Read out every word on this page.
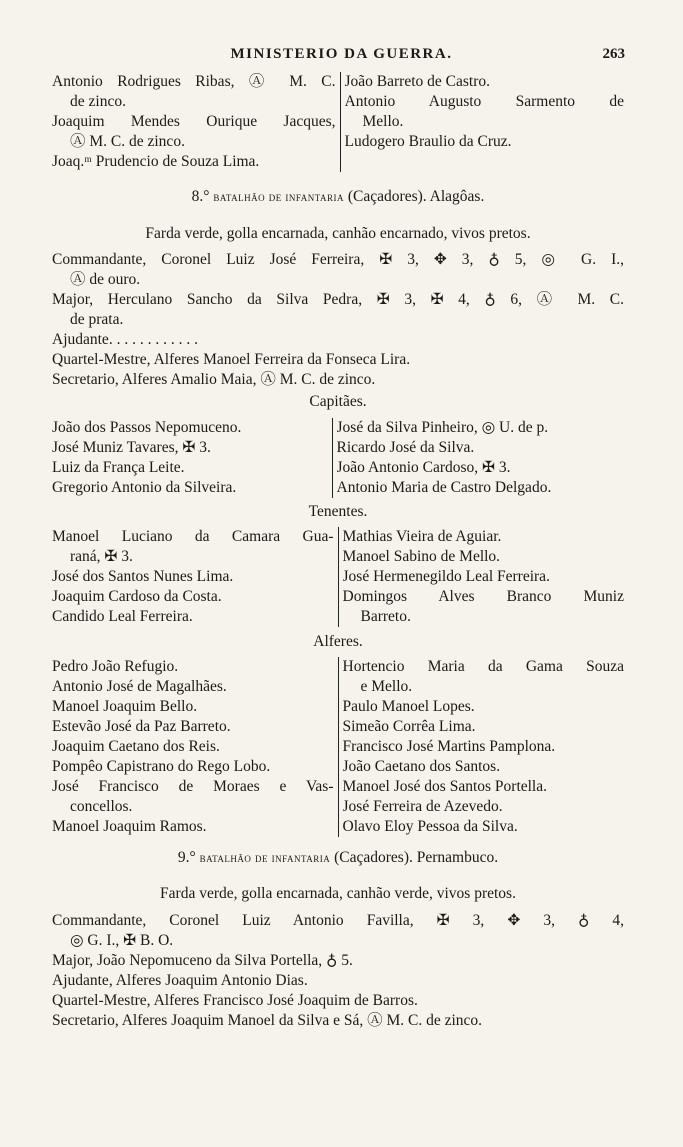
MINISTERIO DA GUERRA.	263
Antonio Rodrigues Ribas, Ⓐ M. C.
de zinco.
Joaquim Mendes Ourique Jacques,
Ⓐ M. C. de zinco.
Joaq.ᵐ Prudencio de Souza Lima.
João Barreto de Castro.
Antonio Augusto Sarmento de
Mello.
Ludogero Braulio da Cruz.
8.° batalhão de infantaria (Caçadores). Alagôas.
Farda verde, golla encarnada, canhão encarnado, vivos pretos.
Commandante, Coronel Luiz José Ferreira, ✠ 3, ✥ 3, ♁ 5, ◎ G. I.,
Ⓐ de ouro.
Major, Herculano Sancho da Silva Pedra, ✠ 3, ✠ 4, ♁ 6, Ⓐ M. C.
de prata.
Ajudante. . . . . . . . . . . .
Quartel-Mestre, Alferes Manoel Ferreira da Fonseca Lira.
Secretario, Alferes Amalio Maia, Ⓐ M. C. de zinco.
Capitães.
João dos Passos Nepomuceno.
José Muniz Tavares, ✠ 3.
Luiz da França Leite.
Gregorio Antonio da Silveira.
José da Silva Pinheiro, ◎ U. de p.
Ricardo José da Silva.
João Antonio Cardoso, ✠ 3.
Antonio Maria de Castro Delgado.
Tenentes.
Manoel Luciano da Camara Gua-
raná, ✠ 3.
José dos Santos Nunes Lima.
Joaquim Cardoso da Costa.
Candido Leal Ferreira.
Mathias Vieira de Aguiar.
Manoel Sabino de Mello.
José Hermenegildo Leal Ferreira.
Domingos Alves Branco Muniz
Barreto.
Alferes.
Pedro João Refugio.
Antonio José de Magalhães.
Manoel Joaquim Bello.
Estevão José da Paz Barreto.
Joaquim Caetano dos Reis.
Pompêo Capistrano do Rego Lobo.
José Francisco de Moraes e Vas-
concellos.
Manoel Joaquim Ramos.
Hortencio Maria da Gama Souza
e Mello.
Paulo Manoel Lopes.
Simeão Corrêa Lima.
Francisco José Martins Pamplona.
João Caetano dos Santos.
Manoel José dos Santos Portella.
José Ferreira de Azevedo.
Olavo Eloy Pessoa da Silva.
9.° batalhão de infantaria (Caçadores). Pernambuco.
Farda verde, golla encarnada, canhão verde, vivos pretos.
Commandante, Coronel Luiz Antonio Favilla, ✠ 3, ✥ 3, ♁ 4,
◎ G. I., ✠ B. O.
Major, João Nepomuceno da Silva Portella, ♁ 5.
Ajudante, Alferes Joaquim Antonio Dias.
Quartel-Mestre, Alferes Francisco José Joaquim de Barros.
Secretario, Alferes Joaquim Manoel da Silva e Sá, Ⓐ M. C. de zinco.
